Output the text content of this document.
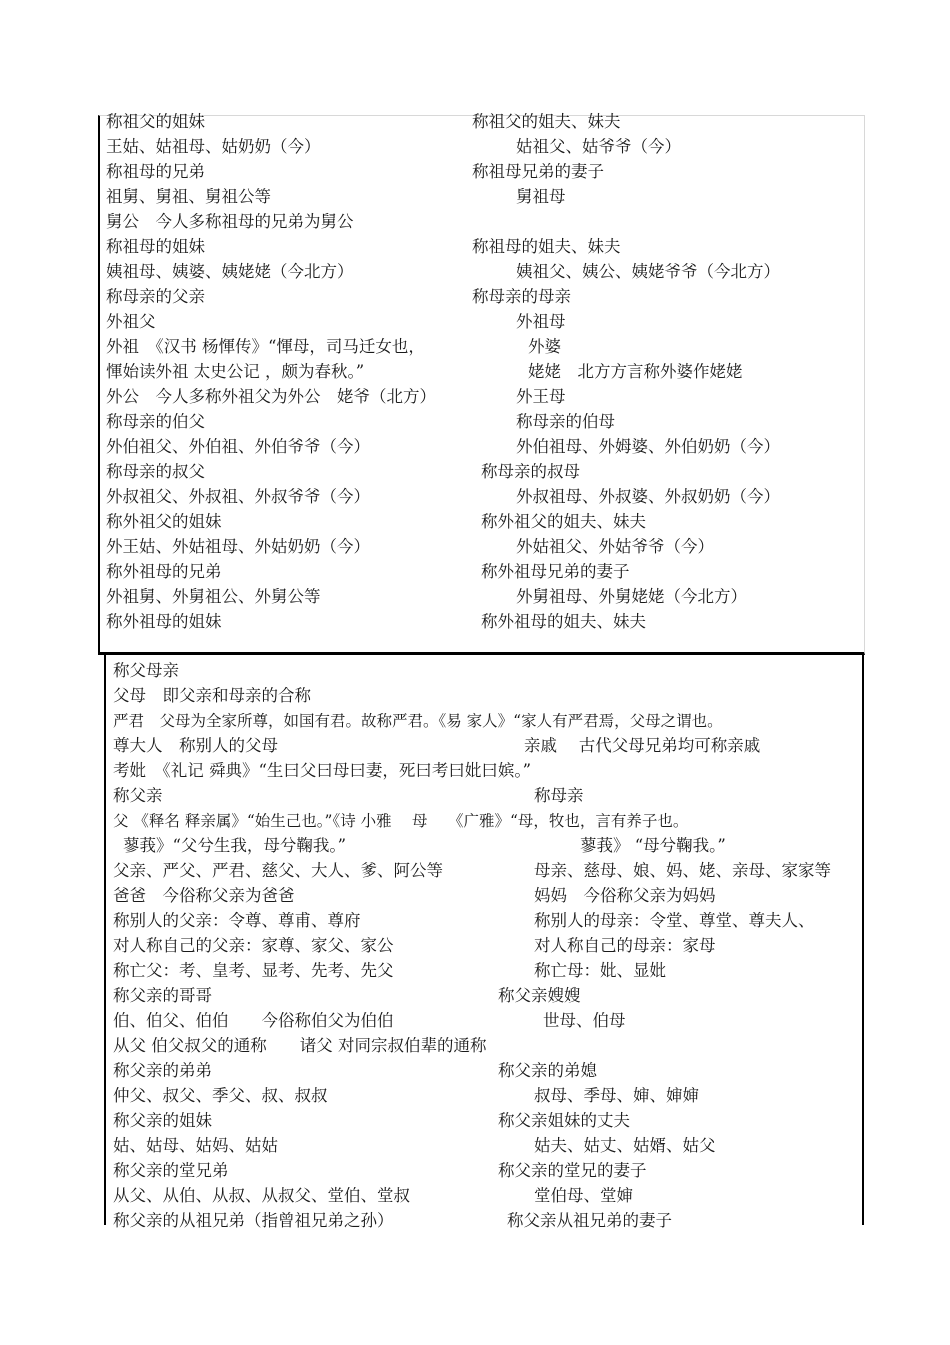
称祖父的姐妹	称祖父的姐夫、妹夫
王姑、姑祖母、姑奶奶（今）	姑祖父、姑爷爷（今）
称祖母的兄弟	称祖母兄弟的妻子
祖舅、舅祖、舅祖公等	舅祖母
舅公　今人多称祖母的兄弟为舅公
称祖母的姐妹	称祖母的姐夫、妹夫
姨祖母、姨婆、姨姥姥（今北方）	姨祖父、姨公、姨姥爷爷（今北方）
称母亲的父亲	称母亲的母亲
外祖父	外祖母
外祖　《汉书 杨惲传》“惲母，司马迁女也，	外婆
惲始读外祖 太史公记 ，颇为春秋。”	姥姥　北方方言称外婆作姥姥
外公　今人多称外祖父为外公　姥爷（北方）	外王母
称母亲的伯父	称母亲的伯母
外伯祖父、外伯祖、外伯爷爷（今）	外伯祖母、外姆婆、外伯奶奶（今）
称母亲的叔父	称母亲的叔母
外叔祖父、外叔祖、外叔爷爷（今）	外叔祖母、外叔婆、外叔奶奶（今）
称外祖父的姐妹	称外祖父的姐夫、妹夫
外王姑、外姑祖母、外姑奶奶（今）	外姑祖父、外姑爷爷（今）
称外祖母的兄弟	称外祖母兄弟的妻子
外祖舅、外舅祖公、外舅公等	外舅祖母、外舅姥姥（今北方）
称外祖母的姐妹	称外祖母的姐夫、妹夫
称父母亲
父母　即父亲和母亲的合称
严君　父母为全家所尊，如国有君。故称严君。《易 家人》“家人有严君焉，父母之谓也。
尊大人　称别人的父母	亲戚　 古代父母兄弟均可称亲戚
考妣　《礼记 舜典》“生曰父曰母曰妻，死曰考曰妣曰嫔。”
称父亲	称母亲
父 《释名 释亲属》“始生己也。”《诗 小雅　 母　 《广雅》“母，牧也，言有养子也。
蓼莪》“父兮生我，母兮鞠我。”	蓼莪》 “母兮鞠我。”
父亲、严父、严君、慈父、大人、爹、阿公等	母亲、慈母、娘、妈、姥、亲母、家家等
爸爸　今俗称父亲为爸爸	妈妈　今俗称父亲为妈妈
称别人的父亲：令尊、尊甫、尊府	称别人的母亲：令堂、尊堂、尊夫人、
对人称自己的父亲：家尊、家父、家公	对人称自己的母亲：家母
称亡父：考、皇考、显考、先考、先父	称亡母：妣、显妣
称父亲的哥哥	称父亲嫂嫂
伯、伯父、伯伯　　今俗称伯父为伯伯	世母、伯母
从父 伯父叔父的通称　　诸父 对同宗叔伯辈的通称
称父亲的弟弟	称父亲的弟媳
仲父、叔父、季父、叔、叔叔	叔母、季母、婶、婶婶
称父亲的姐妹	称父亲姐妹的丈夫
姑、姑母、姑妈、姑姑	姑夫、姑丈、姑婿、姑父
称父亲的堂兄弟	称父亲的堂兄的妻子
从父、从伯、从叔、从叔父、堂伯、堂叔	堂伯母、堂婶
称父亲的从祖兄弟（指曾祖兄弟之孙）	称父亲从祖兄弟的妻子
